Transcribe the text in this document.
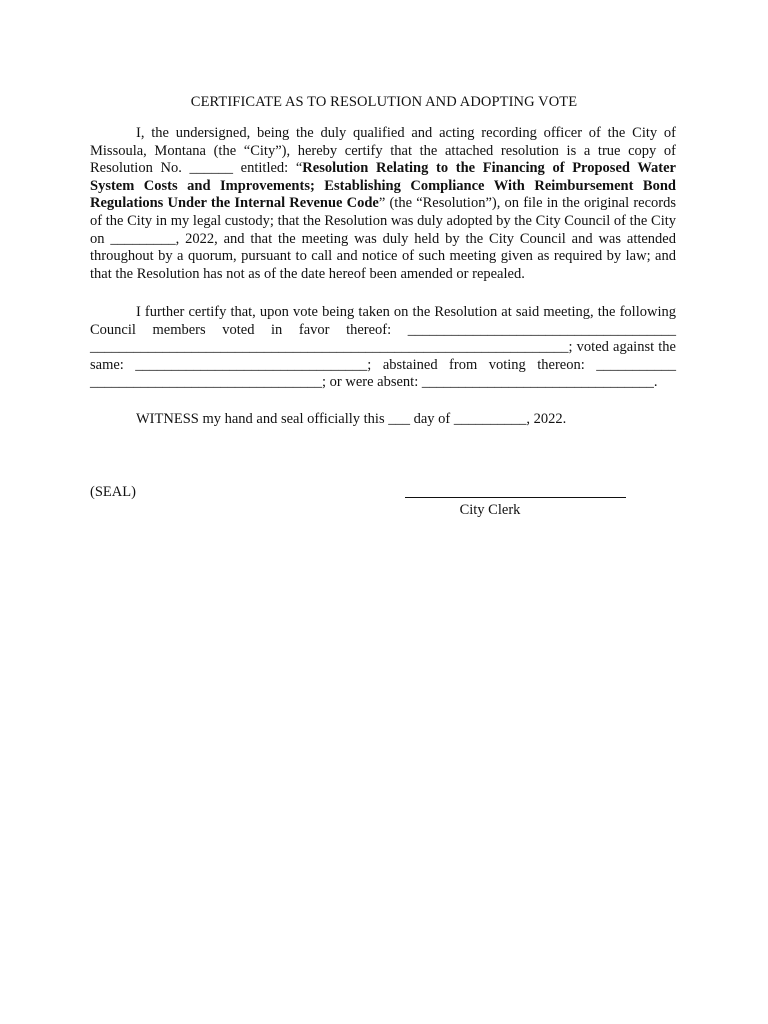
CERTIFICATE AS TO RESOLUTION AND ADOPTING VOTE
I, the undersigned, being the duly qualified and acting recording officer of the City of Missoula, Montana (the “City”), hereby certify that the attached resolution is a true copy of Resolution No. ______ entitled: “Resolution Relating to the Financing of Proposed Water System Costs and Improvements; Establishing Compliance With Reimbursement Bond Regulations Under the Internal Revenue Code” (the “Resolution”), on file in the original records of the City in my legal custody; that the Resolution was duly adopted by the City Council of the City on _________, 2022, and that the meeting was duly held by the City Council and was attended throughout by a quorum, pursuant to call and notice of such meeting given as required by law; and that the Resolution has not as of the date hereof been amended or repealed.
I further certify that, upon vote being taken on the Resolution at said meeting, the following Council members voted in favor thereof: _____________________________________ __________________________________________________________________; voted against the same: ________________________________; abstained from voting thereon: ___________ ________________________________; or were absent: ________________________________.
WITNESS my hand and seal officially this ___ day of __________, 2022.
(SEAL)
City Clerk
